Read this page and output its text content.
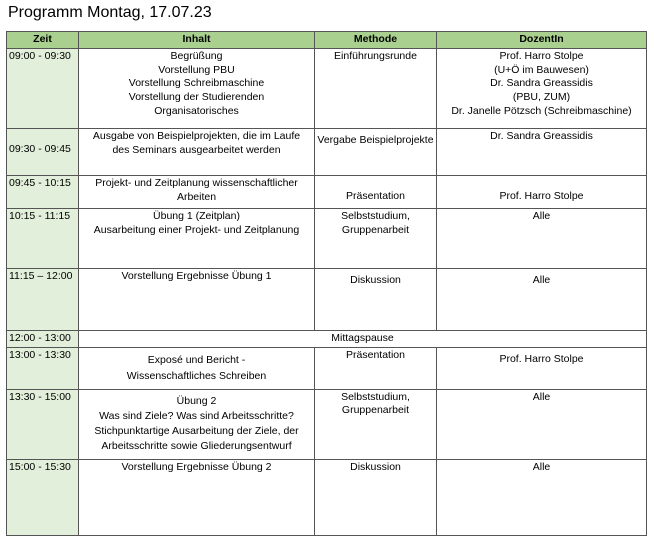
Programm Montag, 17.07.23
Zeit	Inhalt	Methode	DozentIn
09:00 - 09:30	Begrüßung
Vorstellung PBU
Vorstellung Schreibmaschine
Vorstellung der Studierenden
Organisatorisches	Einführungsrunde	Prof. Harro Stolpe
(U+Ö im Bauwesen)
Dr. Sandra Greassidis
(PBU, ZUM)
Dr. Janelle Pötzsch (Schreibmaschine)

09:30 - 09:45	Ausgabe von Beispielprojekten, die im Laufe
des Seminars ausgearbeitet werden	Vergabe Beispielprojekte	Dr. Sandra Greassidis

09:45 - 10:15	Projekt- und Zeitplanung wissenschaftlicher
Arbeiten	Präsentation	Prof. Harro Stolpe

10:15 - 11:15	Übung 1 (Zeitplan)
Ausarbeitung einer Projekt- und Zeitplanung	Selbststudium,
Gruppenarbeit	Alle

11:15 – 12:00	Vorstellung Ergebnisse Übung 1	Diskussion	Alle

12:00 - 13:00	Mittagspause		
13:00 - 13:30	Exposé und Bericht -
Wissenschaftliches Schreiben	Präsentation	Prof. Harro Stolpe

13:30 - 15:00	Übung 2
Was sind Ziele? Was sind Arbeitsschritte?
Stichpunktartige Ausarbeitung der Ziele, der
Arbeitsschritte sowie Gliederungsentwurf	Selbststudium,
Gruppenarbeit	Alle

15:00 - 15:30	Vorstellung Ergebnisse Übung 2	Diskussion	Alle
